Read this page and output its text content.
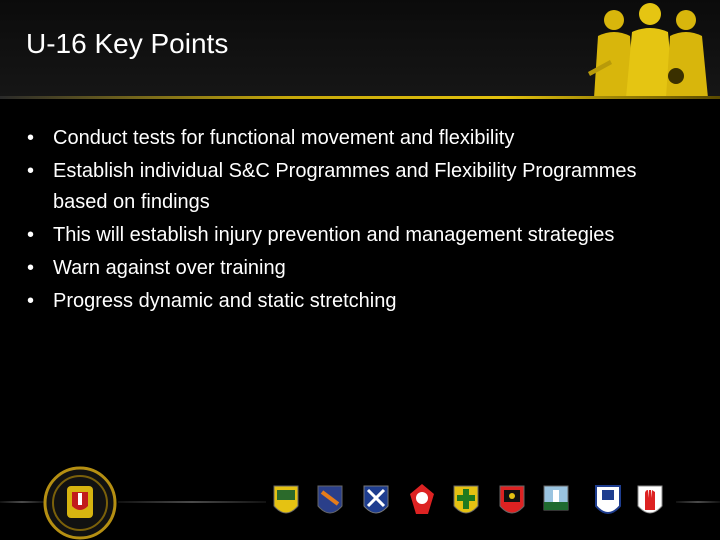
U-16 Key Points
• Conduct tests for functional movement and flexibility
• Establish individual S&C Programmes and Flexibility Programmes based on findings
• This will establish injury prevention and management strategies
• Warn against over training
• Progress dynamic and static stretching
